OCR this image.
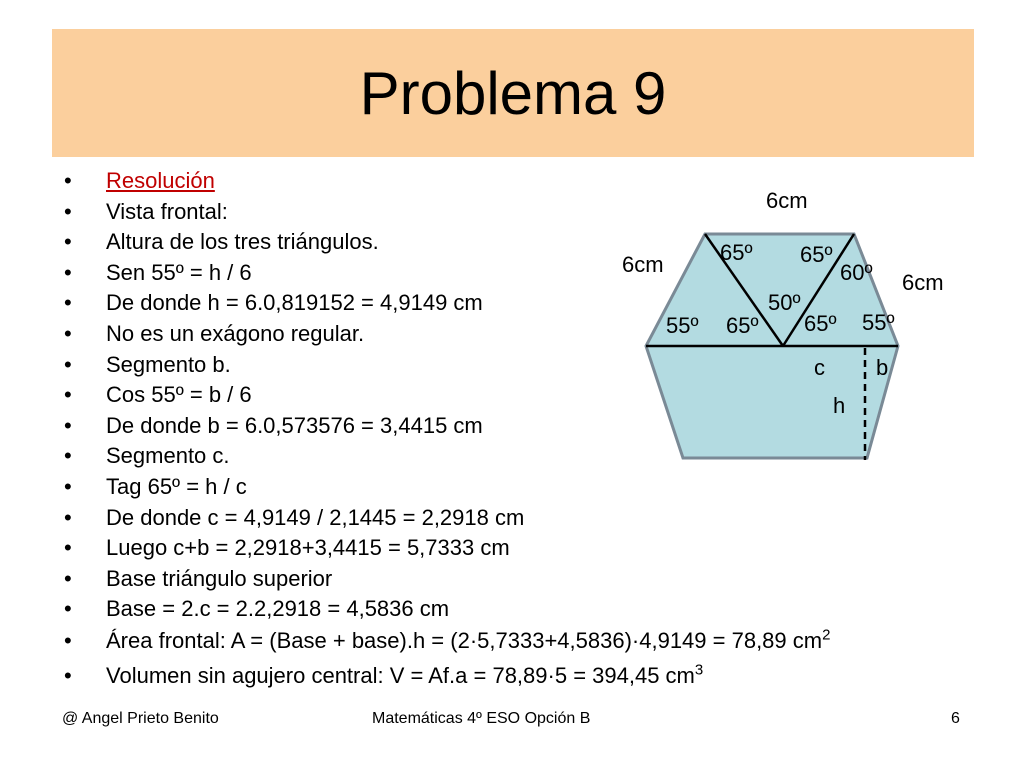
Problema 9
• Resolución
• Vista frontal:
• Altura de los tres triángulos.
• Sen 55º = h / 6
• De donde h = 6.0,819152 = 4,9149 cm
• No es un exágono regular.
• Segmento b.
• Cos 55º = b / 6
• De donde b = 6.0,573576 = 3,4415 cm
• Segmento c.
• Tag 65º = h / c
• De donde c = 4,9149 / 2,1445 = 2,2918 cm
• Luego c+b = 2,2918+3,4415 = 5,7333 cm
• Base triángulo superior
• Base = 2.c = 2.2,2918 = 4,5836 cm
• Área frontal: A = (Base + base).h = (2·5,7333+4,5836)·4,9149 = 78,89 $cm^2$
• Volumen sin agujero central: V = Af.a = 78,89·5 = 394,45 $cm^3$
6cm
6cm
6cm
65º 65º
60º
50º
55º 65º 65º 55º
c b
h
@ Angel Prieto Benito	Matemáticas 4º ESO Opción B	6
